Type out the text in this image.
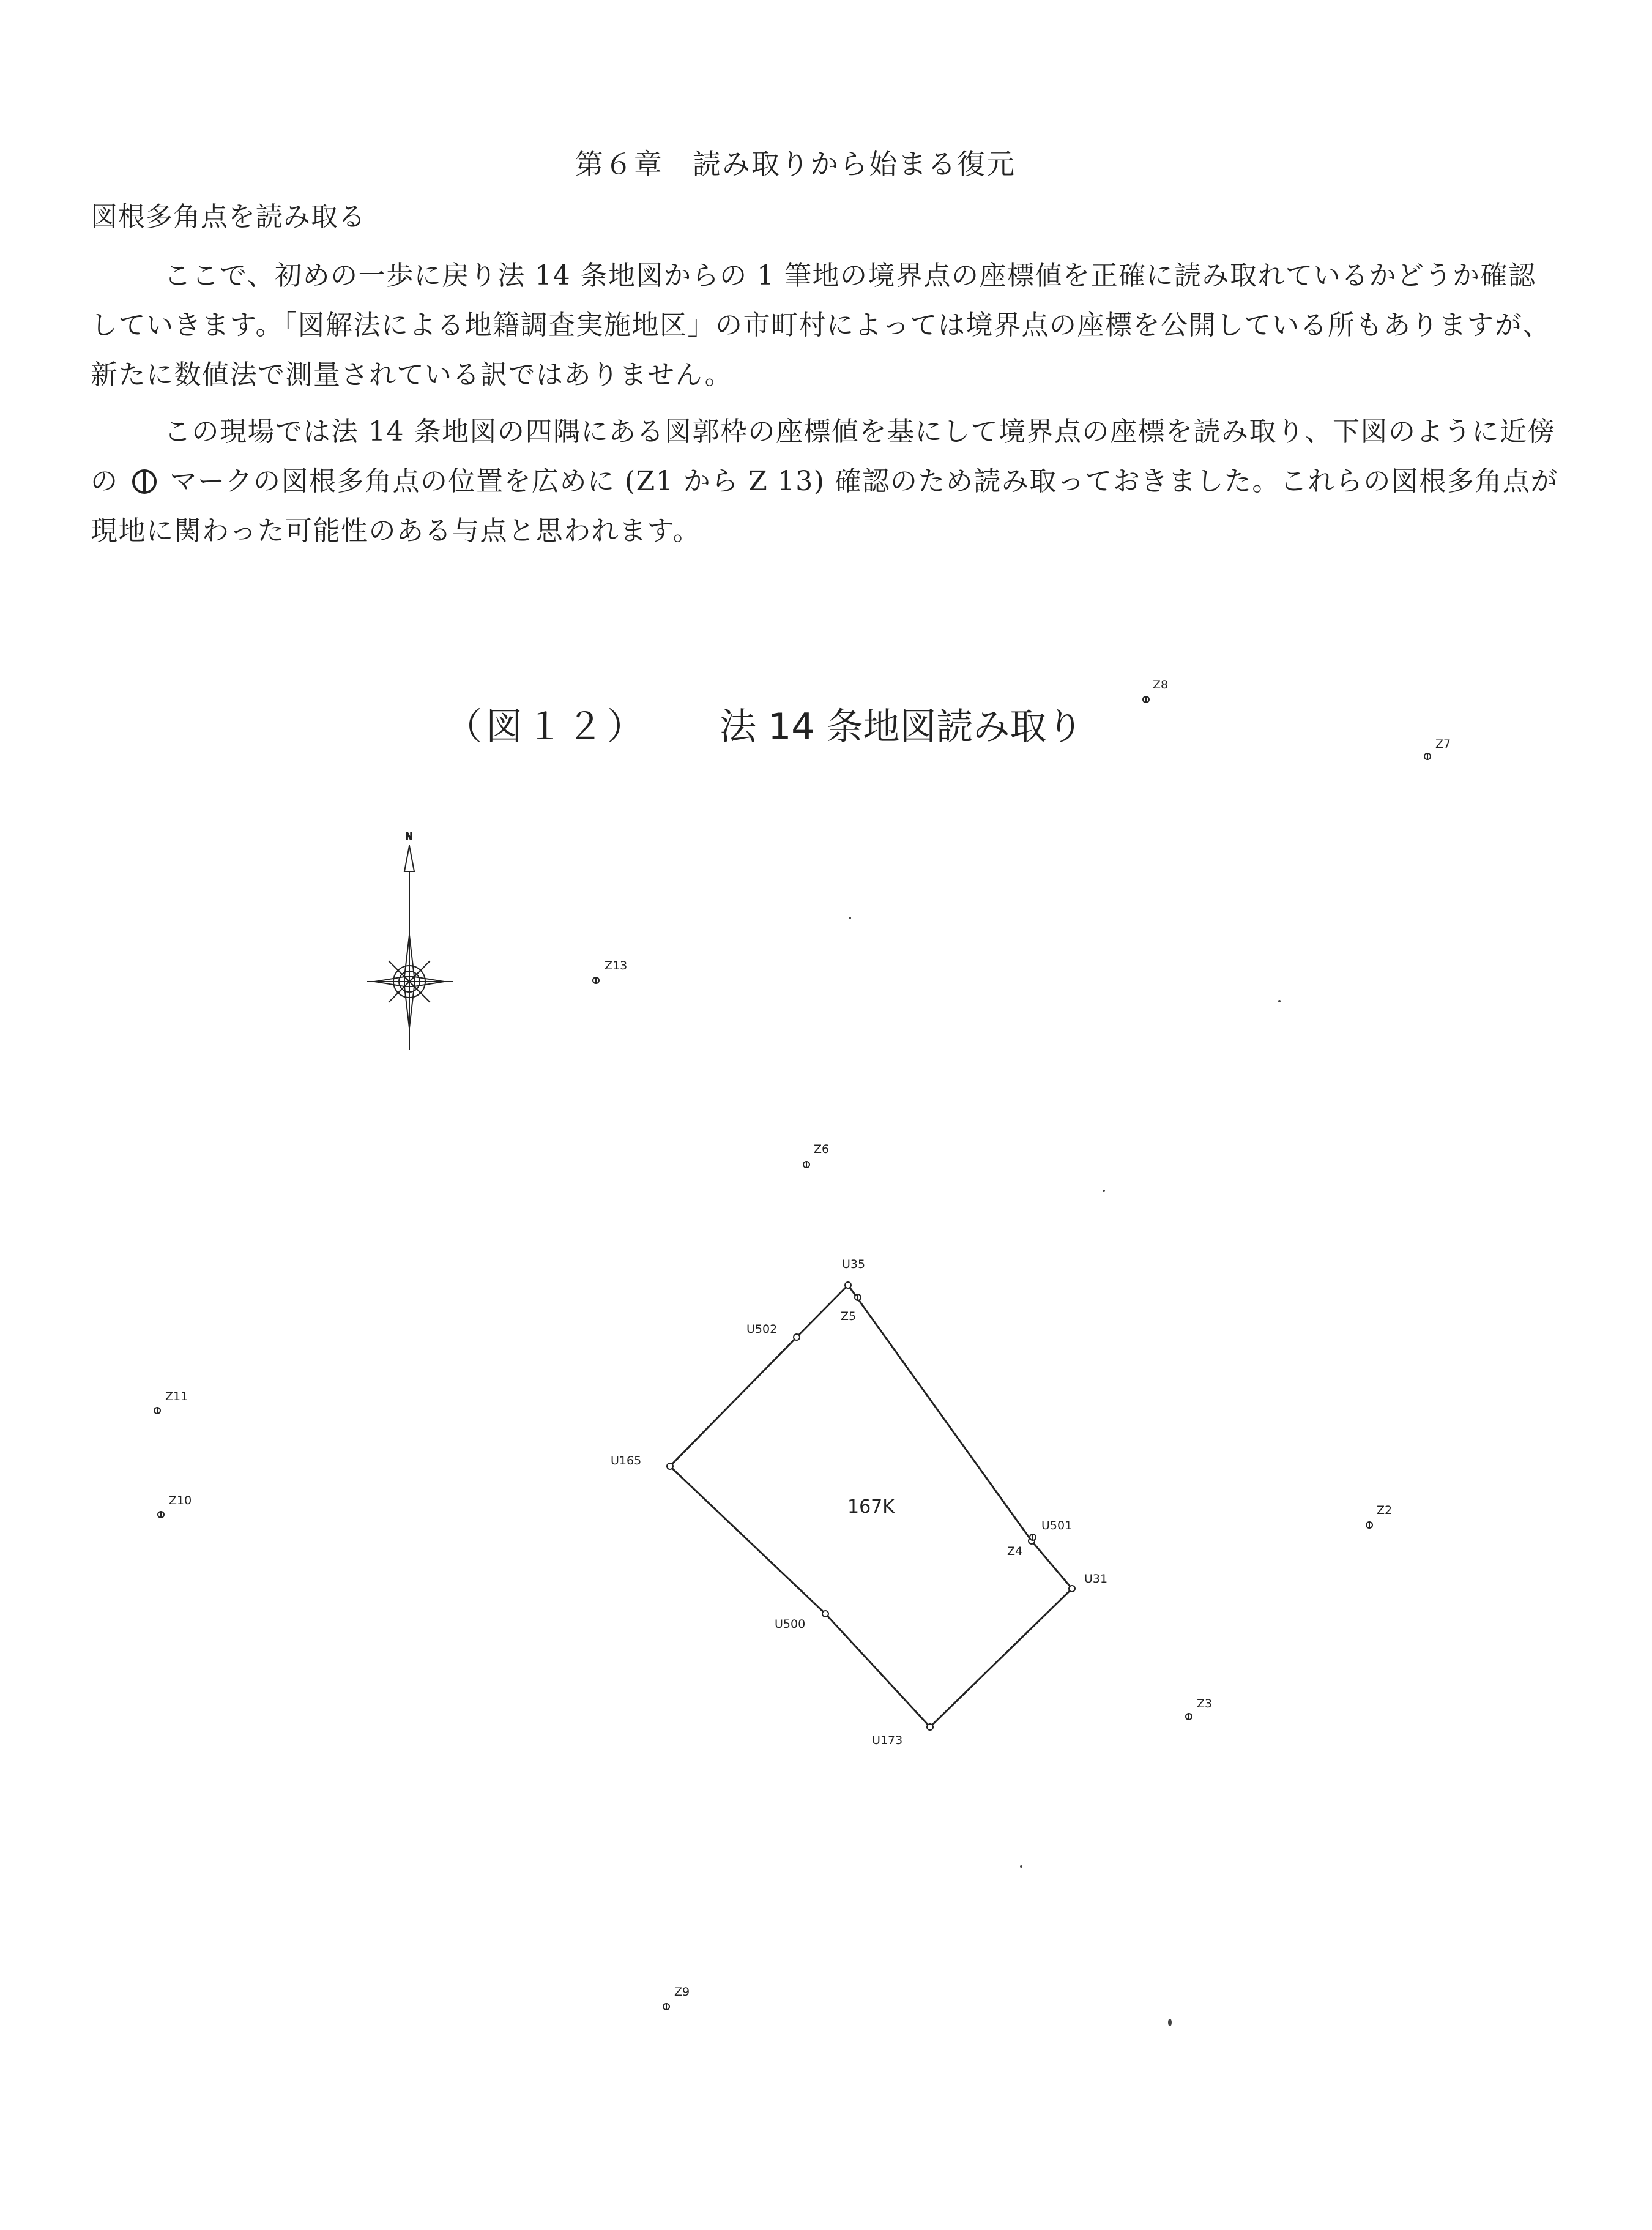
第６章　読み取りから始まる復元
図根多角点を読み取る
ここで、初めの一歩に戻り法 14 条地図からの 1 筆地の境界点の座標値を正確に読み取れているかどうか確認していきます。「図解法による地籍調査実施地区」の市町村によっては境界点の座標を公開している所もありますが、新たに数値法で測量されている訳ではありません。
この現場では法 14 条地図の四隅にある図郭枠の座標値を基にして境界点の座標を読み取り、下図のように近傍の マークの図根多角点の位置を広めに (Z1 から Z 13) 確認のため読み取っておきました。これらの図根多角点が現地に関わった可能性のある与点と思われます。
（図１２） 法 14 条地図読み取り
N
167K
U35
U502
U165
U500
U173
U31
U501
Z2
Z3
Z4
Z5
Z6
Z7
Z8
Z9
Z10
Z11
Z13
